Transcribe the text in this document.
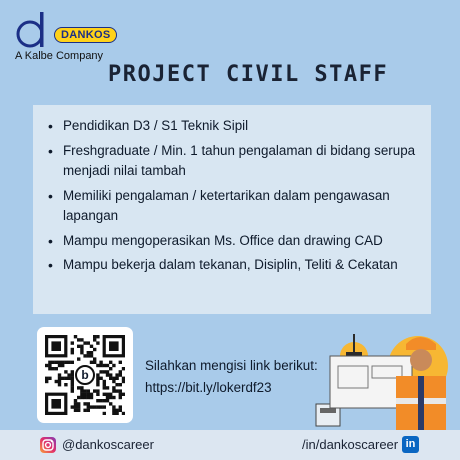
DANKOS
A Kalbe Company
PROJECT CIVIL STAFF
• Pendidikan D3 / S1 Teknik Sipil
• Freshgraduate / Min. 1 tahun pengalaman di bidang serupa menjadi nilai tambah
• Memiliki pengalaman / ketertarikan dalam pengawasan lapangan
• Mampu mengoperasikan Ms. Office dan drawing CAD
• Mampu bekerja dalam tekanan, Disiplin, Teliti & Cekatan
b
Silahkan mengisi link berikut:
https://bit.ly/lokerdf23
@dankoscareer	/in/dankoscareer in
